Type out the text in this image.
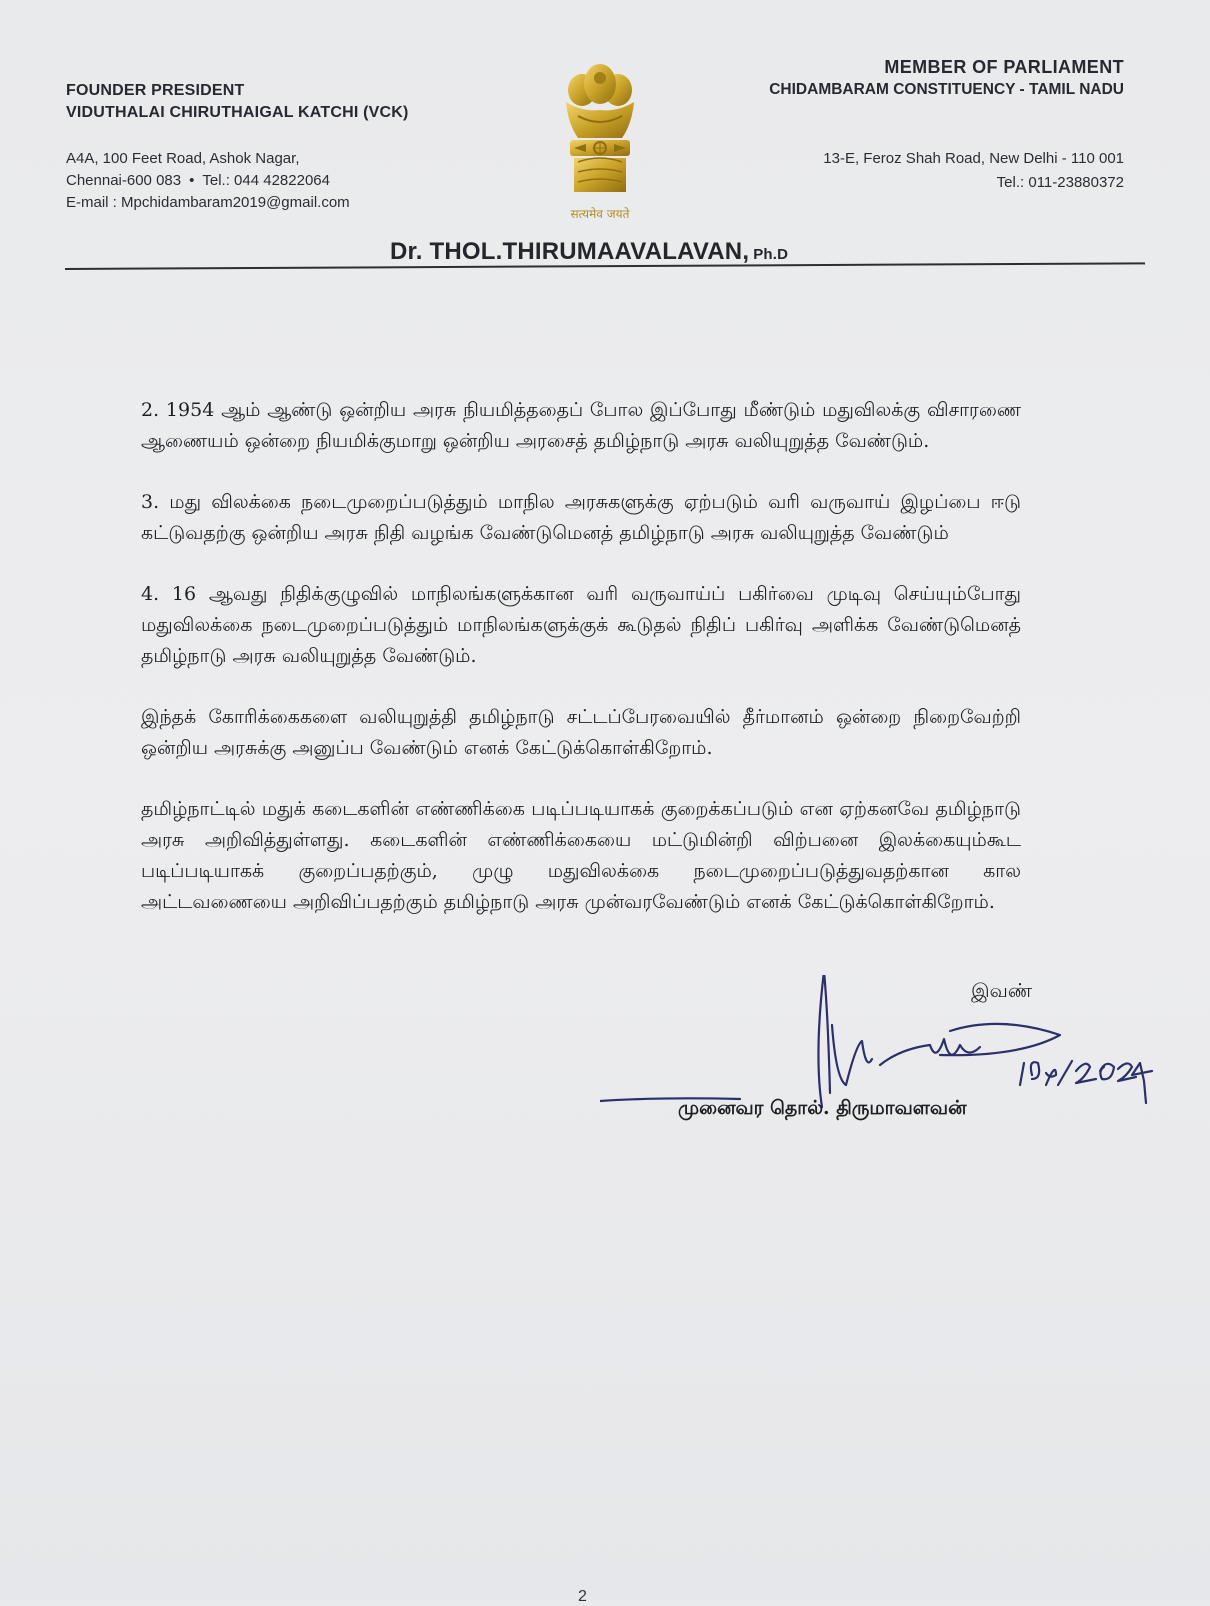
FOUNDER PRESIDENT
VIDUTHALAI CHIRUTHAIGAL KATCHI (VCK)
A4A, 100 Feet Road, Ashok Nagar,
Chennai-600 083 • Tel.: 044 42822064
E-mail : Mpchidambaram2019@gmail.com
सत्यमेव जयते
MEMBER OF PARLIAMENT
CHIDAMBARAM CONSTITUENCY - TAMIL NADU
13-E, Feroz Shah Road, New Delhi - 110 001
Tel.: 011-23880372
Dr. THOL.THIRUMAAVALAVAN, Ph.D

2. 1954 ஆம் ஆண்டு ஒன்றிய அரசு நியமித்ததைப் போல இப்போது மீண்டும் மதுவிலக்கு விசாரணை ஆணையம் ஒன்றை நியமிக்குமாறு ஒன்றிய அரசைத் தமிழ்நாடு அரசு வலியுறுத்த வேண்டும்.

3. மது விலக்கை நடைமுறைப்படுத்தும் மாநில அரசுகளுக்கு ஏற்படும் வரி வருவாய் இழப்பை ஈடு கட்டுவதற்கு ஒன்றிய அரசு நிதி வழங்க வேண்டுமெனத் தமிழ்நாடு அரசு வலியுறுத்த வேண்டும்

4. 16 ஆவது நிதிக்குழுவில் மாநிலங்களுக்கான வரி வருவாய்ப் பகிர்வை முடிவு செய்யும்போது மதுவிலக்கை நடைமுறைப்படுத்தும் மாநிலங்களுக்குக் கூடுதல் நிதிப் பகிர்வு அளிக்க வேண்டுமெனத் தமிழ்நாடு அரசு வலியுறுத்த வேண்டும்.

இந்தக் கோரிக்கைகளை வலியுறுத்தி தமிழ்நாடு சட்டப்பேரவையில் தீர்மானம் ஒன்றை நிறைவேற்றி ஒன்றிய அரசுக்கு அனுப்ப வேண்டும் எனக் கேட்டுக்கொள்கிறோம்.

தமிழ்நாட்டில் மதுக் கடைகளின் எண்ணிக்கை படிப்படியாகக் குறைக்கப்படும் என ஏற்கனவே தமிழ்நாடு அரசு அறிவித்துள்ளது. கடைகளின் எண்ணிக்கையை மட்டுமின்றி விற்பனை இலக்கையும்கூட படிப்படியாகக் குறைப்பதற்கும், முழு மதுவிலக்கை நடைமுறைப்படுத்துவதற்கான கால அட்டவணையை அறிவிப்பதற்கும் தமிழ்நாடு அரசு முன்வரவேண்டும் எனக் கேட்டுக்கொள்கிறோம்.

இவண்
முனைவர தொல். திருமாவளவன்
2
